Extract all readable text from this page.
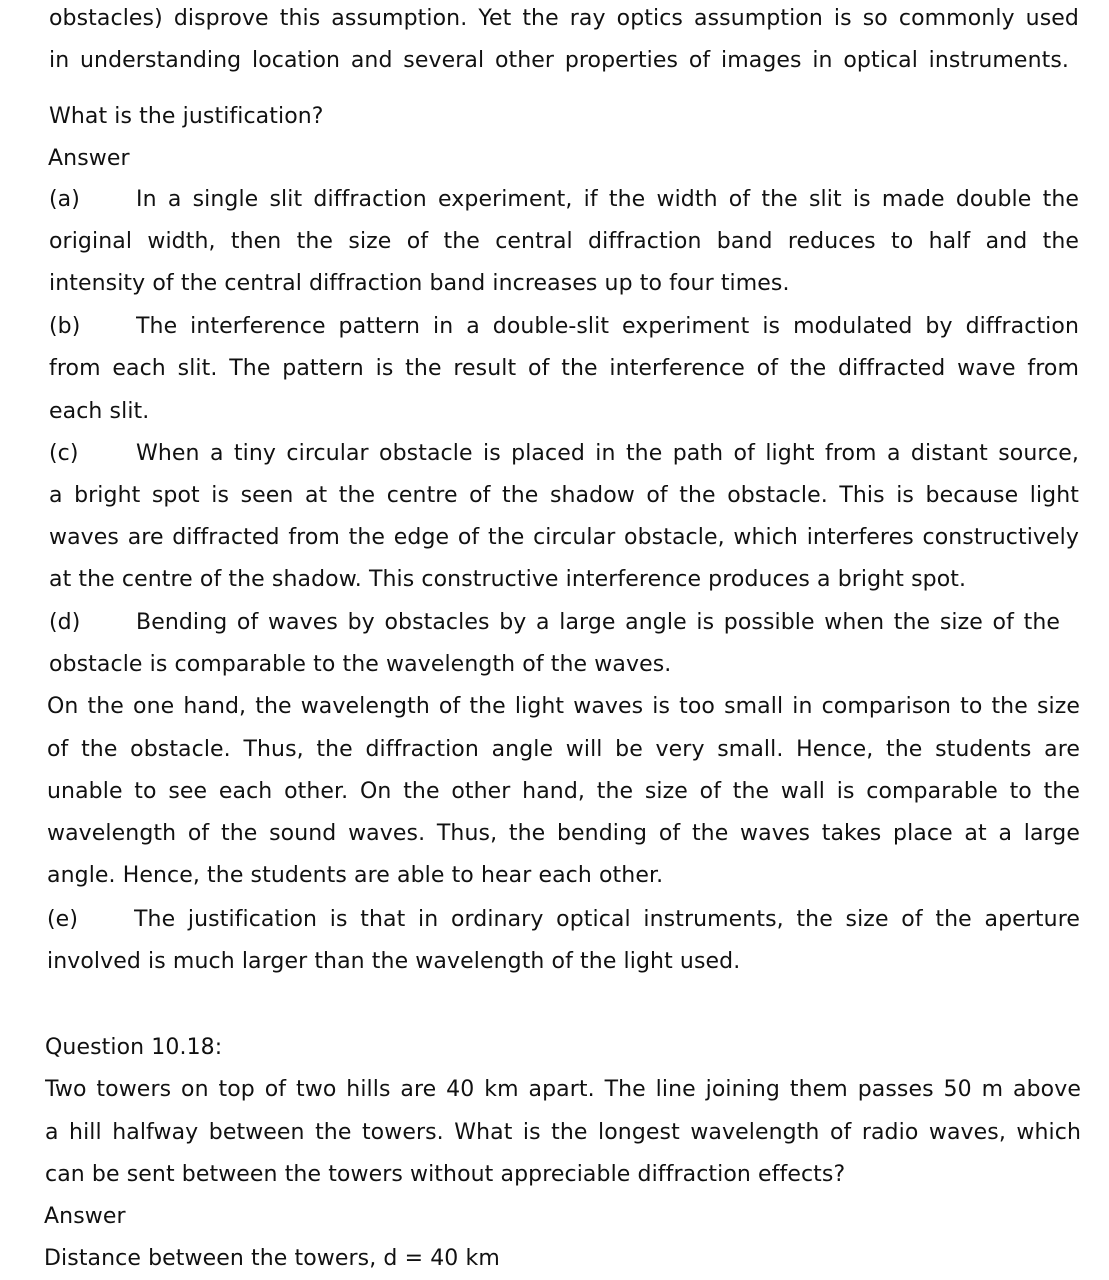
obstacles) disprove this assumption. Yet the ray optics assumption is so commonly used
in understanding location and several other properties of images in optical instruments.
What is the justification?
Answer
(a)	In a single slit diffraction experiment, if the width of the slit is made double the
original width, then the size of the central diffraction band reduces to half and the
intensity of the central diffraction band increases up to four times.
(b)	The interference pattern in a double-slit experiment is modulated by diffraction
from each slit. The pattern is the result of the interference of the diffracted wave from
each slit.
(c)	When a tiny circular obstacle is placed in the path of light from a distant source,
a bright spot is seen at the centre of the shadow of the obstacle. This is because light
waves are diffracted from the edge of the circular obstacle, which interferes constructively
at the centre of the shadow. This constructive interference produces a bright spot.
(d)	Bending of waves by obstacles by a large angle is possible when the size of the
obstacle is comparable to the wavelength of the waves.
On the one hand, the wavelength of the light waves is too small in comparison to the size
of the obstacle. Thus, the diffraction angle will be very small. Hence, the students are
unable to see each other. On the other hand, the size of the wall is comparable to the
wavelength of the sound waves. Thus, the bending of the waves takes place at a large
angle. Hence, the students are able to hear each other.
(e)	The justification is that in ordinary optical instruments, the size of the aperture
involved is much larger than the wavelength of the light used.
Question 10.18:
Two towers on top of two hills are 40 km apart. The line joining them passes 50 m above
a hill halfway between the towers. What is the longest wavelength of radio waves, which
can be sent between the towers without appreciable diffraction effects?
Answer
Distance between the towers, d = 40 km
